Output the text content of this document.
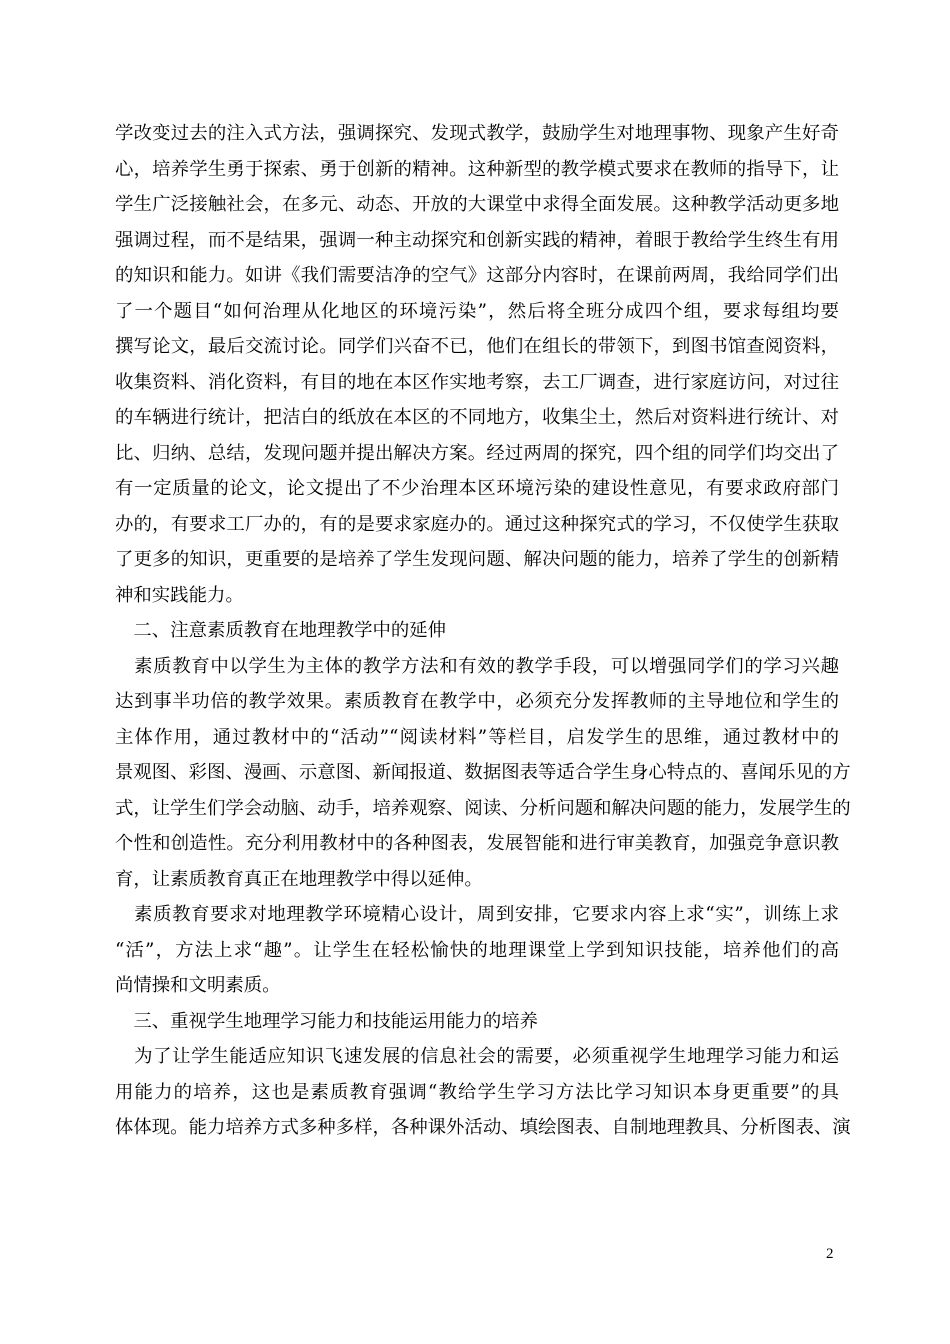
学改变过去的注入式方法，强调探究、发现式教学，鼓励学生对地理事物、现象产生好奇
心，培养学生勇于探索、勇于创新的精神。这种新型的教学模式要求在教师的指导下，让
学生广泛接触社会，在多元、动态、开放的大课堂中求得全面发展。这种教学活动更多地
强调过程，而不是结果，强调一种主动探究和创新实践的精神，着眼于教给学生终生有用
的知识和能力。如讲《我们需要洁净的空气》这部分内容时，在课前两周，我给同学们出
了一个题目“如何治理从化地区的环境污染”，然后将全班分成四个组，要求每组均要
撰写论文，最后交流讨论。同学们兴奋不已，他们在组长的带领下，到图书馆查阅资料，
收集资料、消化资料，有目的地在本区作实地考察，去工厂调查，进行家庭访问，对过往
的车辆进行统计，把洁白的纸放在本区的不同地方，收集尘土，然后对资料进行统计、对
比、归纳、总结，发现问题并提出解决方案。经过两周的探究，四个组的同学们均交出了
有一定质量的论文，论文提出了不少治理本区环境污染的建设性意见，有要求政府部门
办的，有要求工厂办的，有的是要求家庭办的。通过这种探究式的学习，不仅使学生获取
了更多的知识，更重要的是培养了学生发现问题、解决问题的能力，培养了学生的创新精
神和实践能力。
　二、注意素质教育在地理教学中的延伸
　素质教育中以学生为主体的教学方法和有效的教学手段，可以增强同学们的学习兴趣
达到事半功倍的教学效果。素质教育在教学中，必须充分发挥教师的主导地位和学生的
主体作用，通过教材中的“活动”“阅读材料”等栏目，启发学生的思维，通过教材中的
景观图、彩图、漫画、示意图、新闻报道、数据图表等适合学生身心特点的、喜闻乐见的方
式，让学生们学会动脑、动手，培养观察、阅读、分析问题和解决问题的能力，发展学生的
个性和创造性。充分利用教材中的各种图表，发展智能和进行审美教育，加强竞争意识教
育，让素质教育真正在地理教学中得以延伸。
　素质教育要求对地理教学环境精心设计，周到安排，它要求内容上求“实”，训练上求
“活”，方法上求“趣”。让学生在轻松愉快的地理课堂上学到知识技能，培养他们的高
尚情操和文明素质。
　三、重视学生地理学习能力和技能运用能力的培养
　为了让学生能适应知识飞速发展的信息社会的需要，必须重视学生地理学习能力和运
用能力的培养，这也是素质教育强调“教给学生学习方法比学习知识本身更重要”的具
体体现。能力培养方式多种多样，各种课外活动、填绘图表、自制地理教具、分析图表、演
2
